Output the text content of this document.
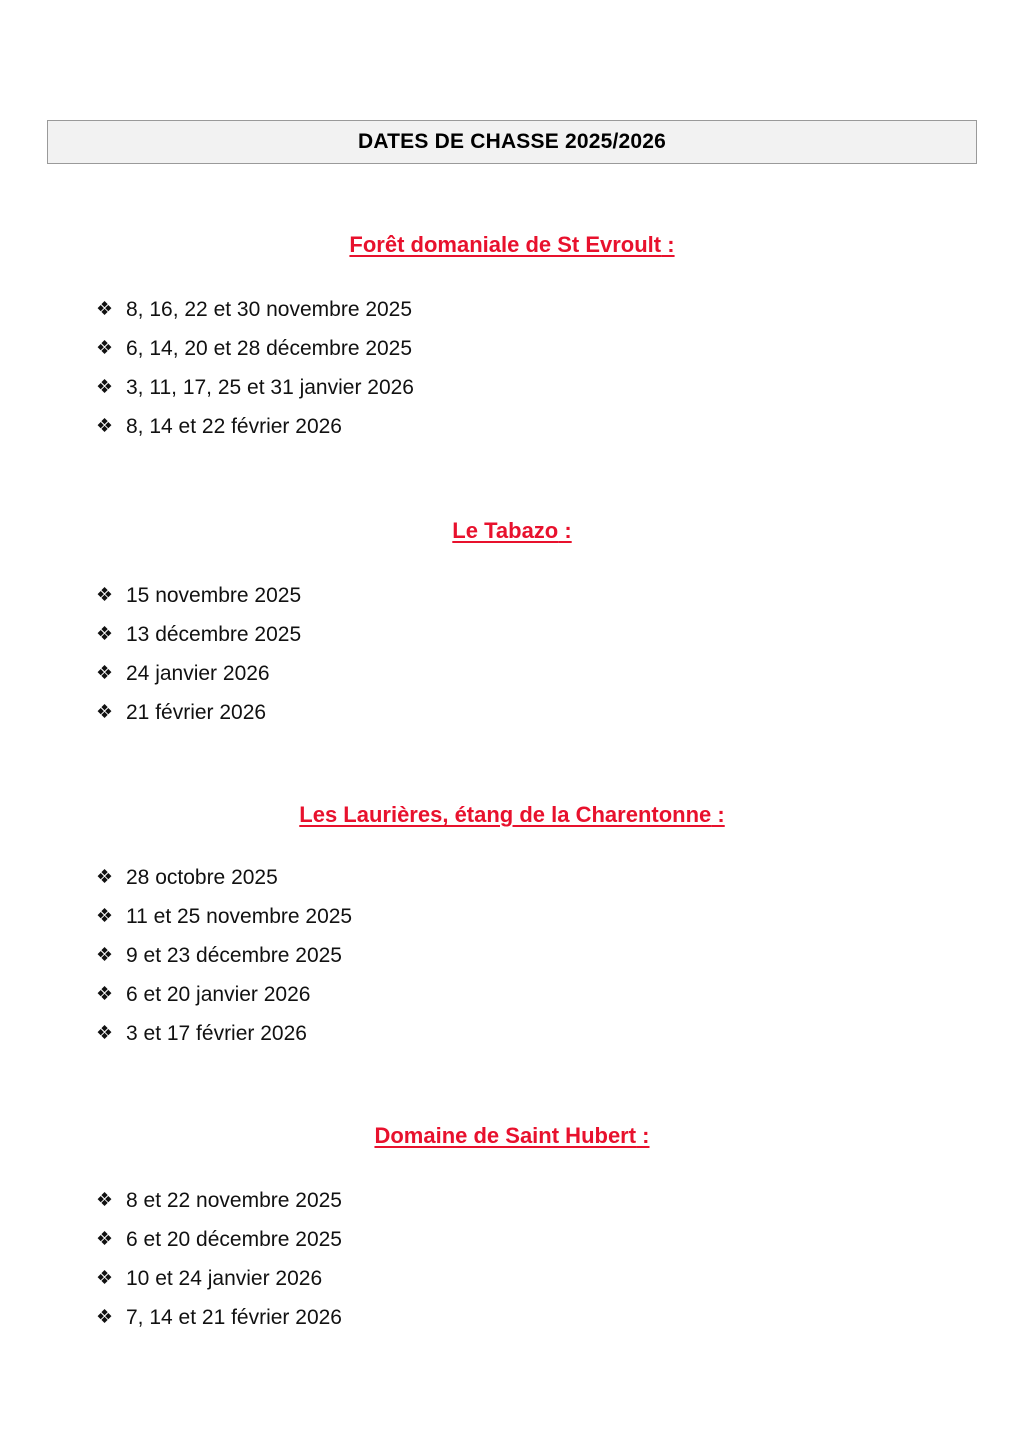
DATES DE CHASSE 2025/2026
Forêt domaniale de St Evroult :
❖ 8, 16, 22 et 30 novembre 2025
❖ 6, 14, 20 et 28 décembre 2025
❖ 3, 11, 17, 25 et 31 janvier 2026
❖ 8, 14 et 22 février 2026
Le Tabazo :
❖ 15 novembre 2025
❖ 13 décembre 2025
❖ 24 janvier 2026
❖ 21 février 2026
Les Laurières, étang de la Charentonne :
❖ 28 octobre 2025
❖ 11 et 25 novembre 2025
❖ 9 et 23 décembre 2025
❖ 6 et 20 janvier 2026
❖ 3 et 17 février 2026
Domaine de Saint Hubert :
❖ 8 et 22 novembre 2025
❖ 6 et 20 décembre 2025
❖ 10 et 24 janvier 2026
❖ 7, 14 et 21 février 2026
